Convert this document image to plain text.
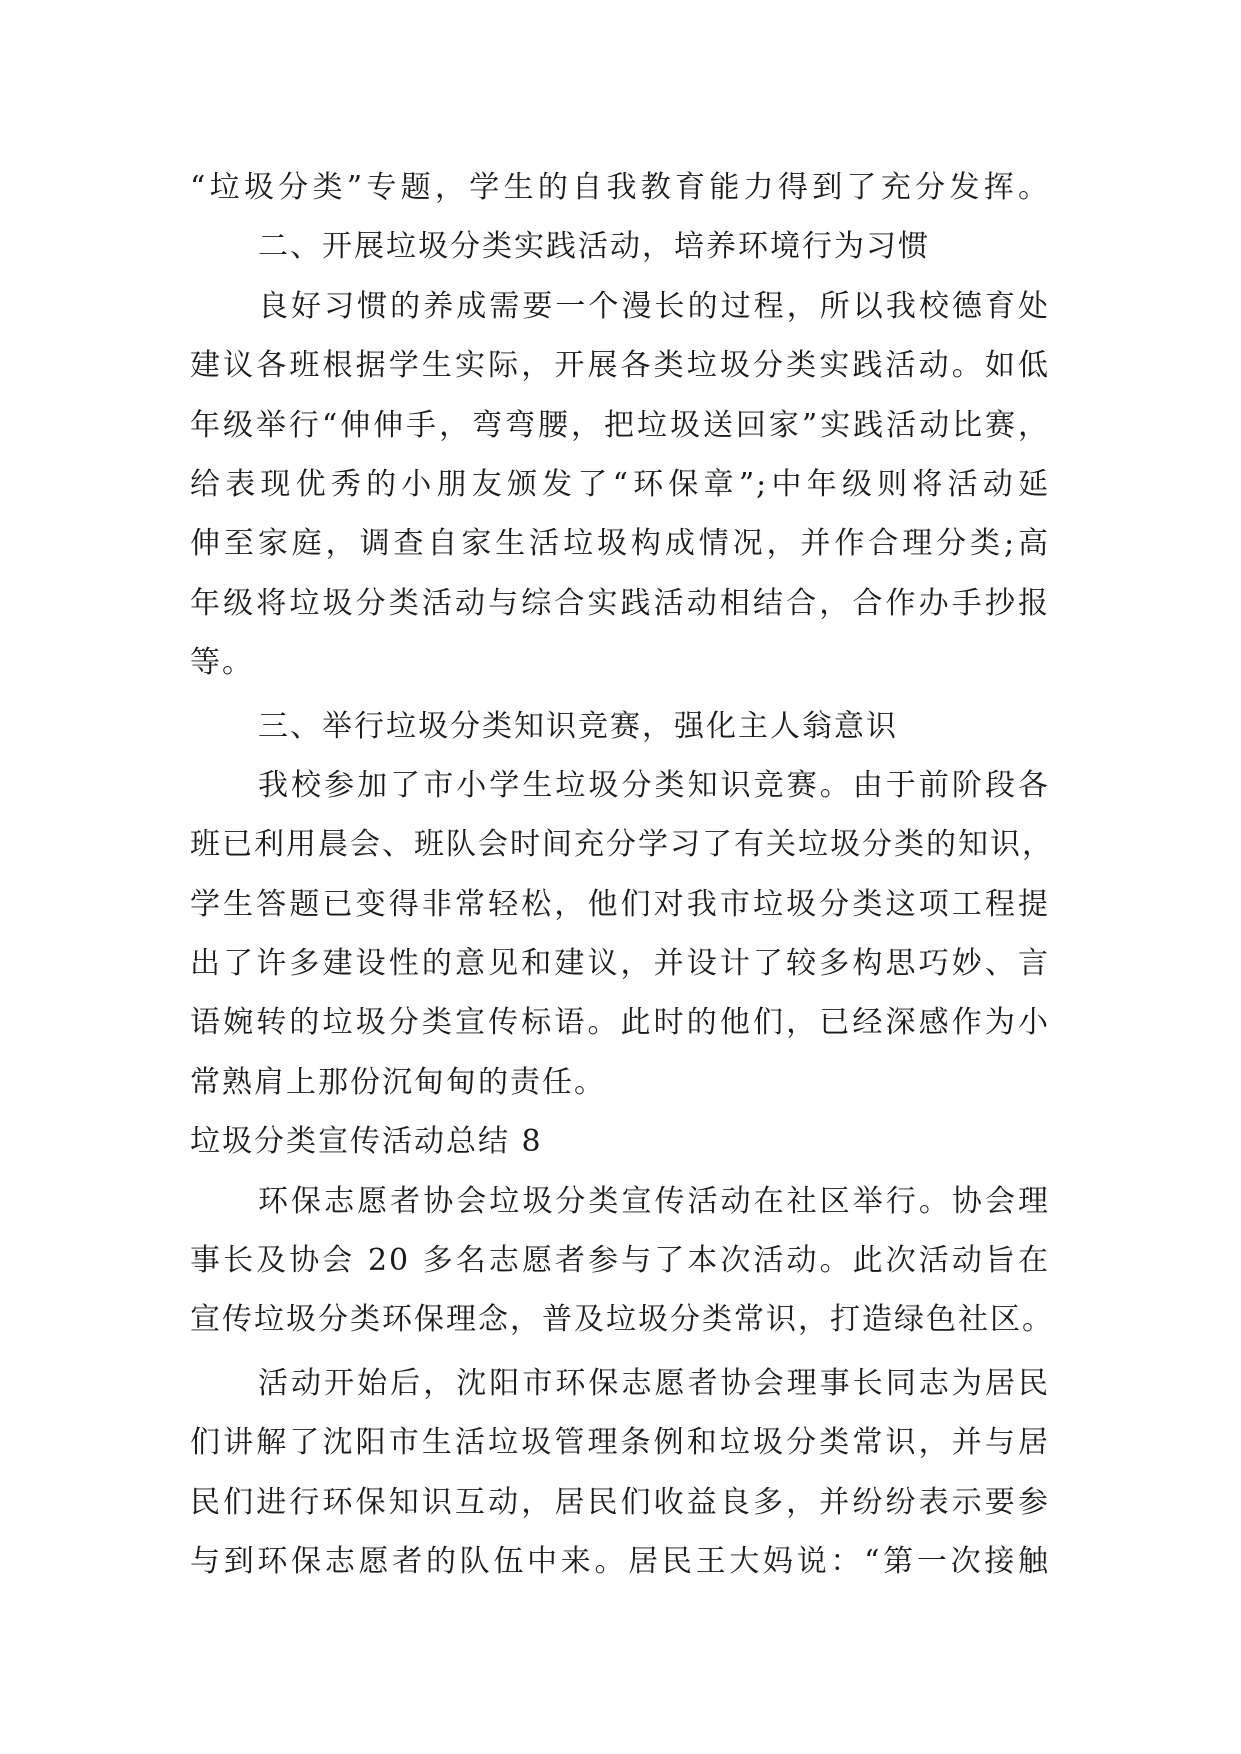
“垃圾分类”专题，学生的自我教育能力得到了充分发挥。
二、开展垃圾分类实践活动，培养环境行为习惯
良好习惯的养成需要一个漫长的过程，所以我校德育处
建议各班根据学生实际，开展各类垃圾分类实践活动。如低
年级举行“伸伸手，弯弯腰，把垃圾送回家”实践活动比赛，
给表现优秀的小朋友颁发了“环保章”;中年级则将活动延
伸至家庭，调查自家生活垃圾构成情况，并作合理分类;高
年级将垃圾分类活动与综合实践活动相结合，合作办手抄报
等。
三、举行垃圾分类知识竞赛，强化主人翁意识
我校参加了市小学生垃圾分类知识竞赛。由于前阶段各
班已利用晨会、班队会时间充分学习了有关垃圾分类的知识，
学生答题已变得非常轻松，他们对我市垃圾分类这项工程提
出了许多建设性的意见和建议，并设计了较多构思巧妙、言
语婉转的垃圾分类宣传标语。此时的他们，已经深感作为小
常熟肩上那份沉甸甸的责任。
垃圾分类宣传活动总结 8
环保志愿者协会垃圾分类宣传活动在社区举行。协会理
事长及协会 20 多名志愿者参与了本次活动。此次活动旨在
宣传垃圾分类环保理念，普及垃圾分类常识，打造绿色社区。
活动开始后，沈阳市环保志愿者协会理事长同志为居民
们讲解了沈阳市生活垃圾管理条例和垃圾分类常识，并与居
民们进行环保知识互动，居民们收益良多，并纷纷表示要参
与到环保志愿者的队伍中来。居民王大妈说：“第一次接触
